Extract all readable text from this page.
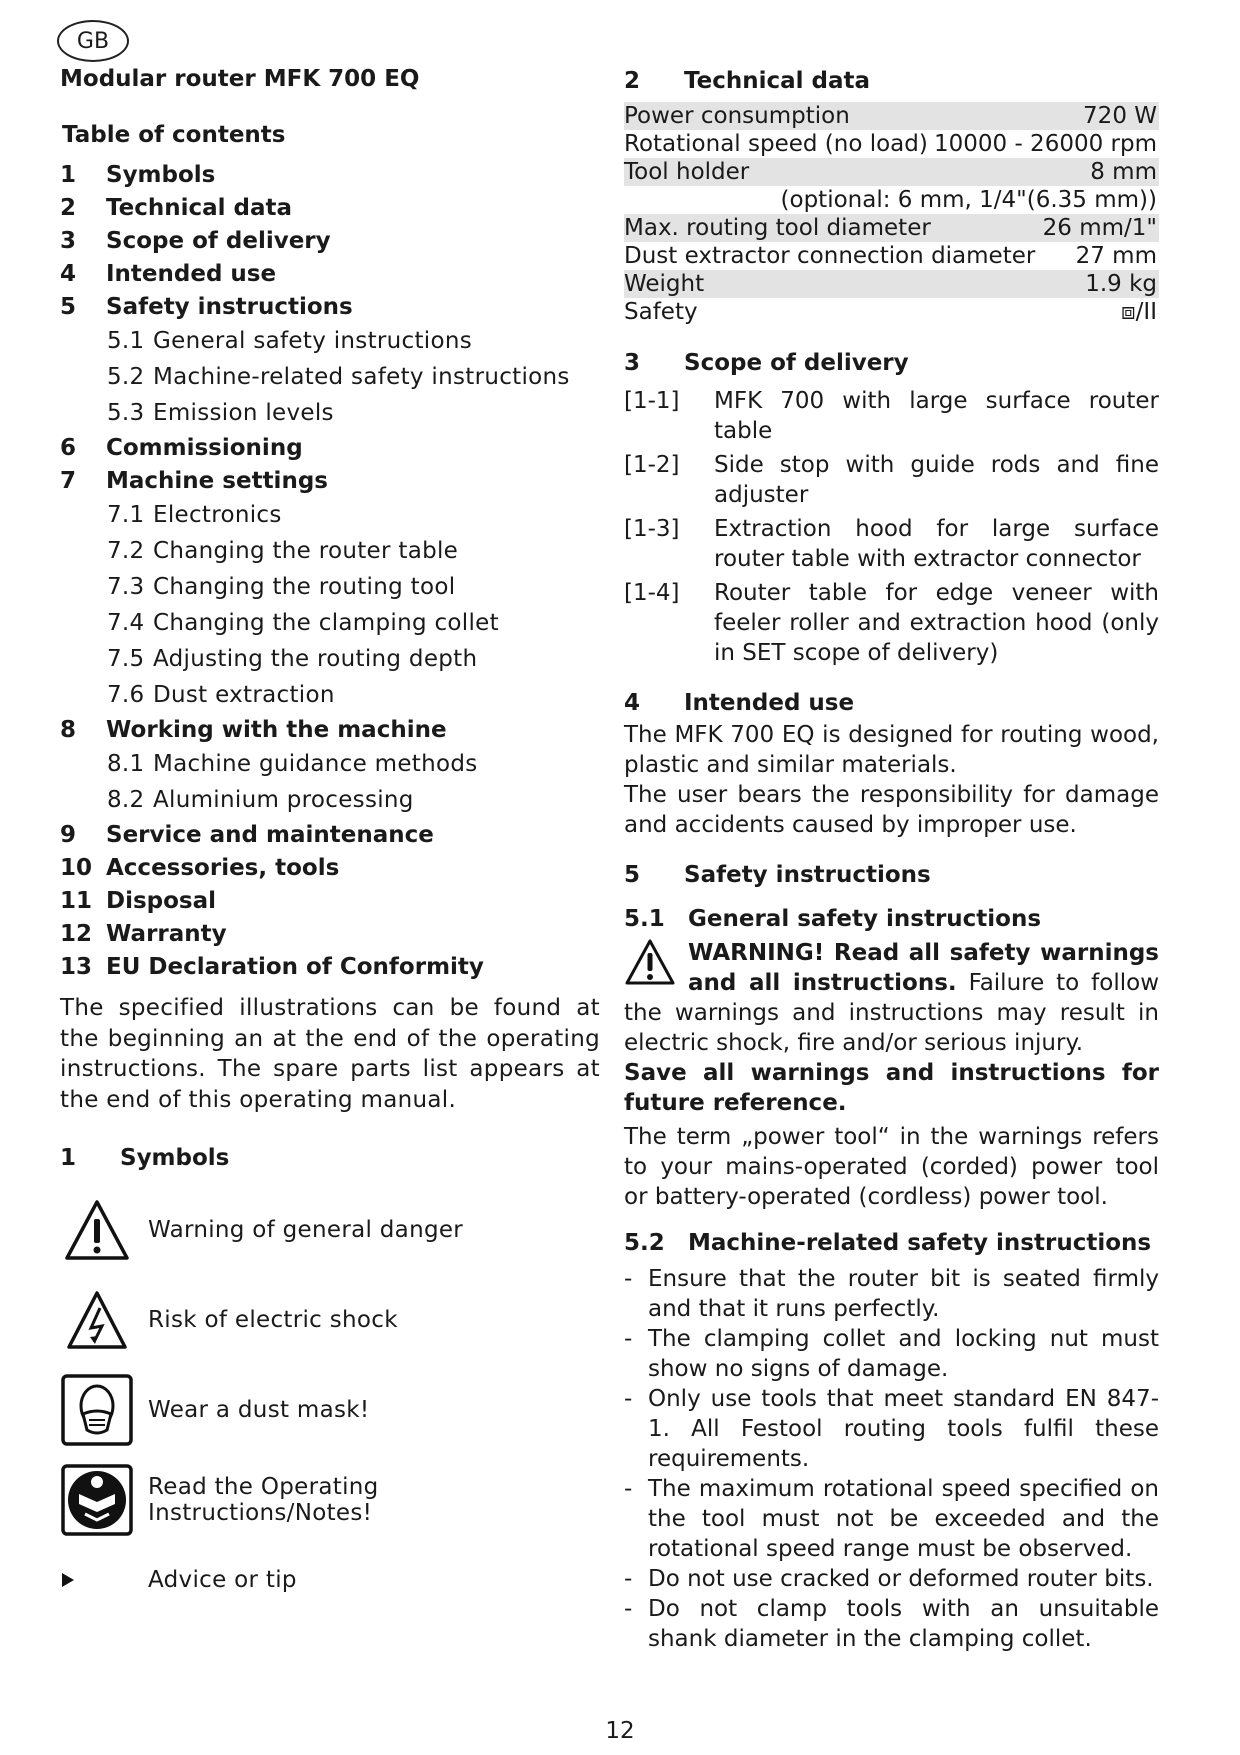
GB
Modular router MFK 700 EQ
Table of contents
1	Symbols
2	Technical data
3	Scope of delivery
4	Intended use
5	Safety instructions
5.1 General safety instructions
5.2 Machine-related safety instructions
5.3 Emission levels
6	Commissioning
7	Machine settings
7.1 Electronics
7.2 Changing the router table
7.3 Changing the routing tool
7.4 Changing the clamping collet
7.5 Adjusting the routing depth
7.6 Dust extraction
8	Working with the machine
8.1 Machine guidance methods
8.2 Aluminium processing
9	Service and maintenance
10 Accessories, tools
11 Disposal
12 Warranty
13 EU Declaration of Conformity
The specified illustrations can be found at the beginning an at the end of the operating instructions. The spare parts list appears at the end of this operating manual.
1	Symbols
Warning of general danger
Risk of electric shock
Wear a dust mask!
Read the Operating Instructions/Notes!
Advice or tip
2	Technical data
Power consumption	720 W
Rotational speed (no load) 10000 - 26000 rpm
Tool holder	8 mm
(optional: 6 mm, 1/4"(6.35 mm))
Max. routing tool diameter	26 mm/1"
Dust extractor connection diameter 27 mm
Weight	1.9 kg
Safety	⧈/II
3	Scope of delivery
[1-1]	MFK 700 with large surface router table
[1-2]	Side stop with guide rods and fine adjuster
[1-3]	Extraction hood for large surface router table with extractor connector
[1-4]	Router table for edge veneer with feeler roller and extraction hood (only in SET scope of delivery)
4	Intended use
The MFK 700 EQ is designed for routing wood, plastic and similar materials.
The user bears the responsibility for damage and accidents caused by improper use.
5	Safety instructions
5.1	General safety instructions
WARNING! Read all safety warnings and all instructions. Failure to follow the warnings and instructions may result in electric shock, fire and/or serious injury.
Save all warnings and instructions for future reference.
The term „power tool“ in the warnings refers to your mains-operated (corded) power tool or battery-operated (cordless) power tool.
5.2	Machine-related safety instructions
- Ensure that the router bit is seated firmly and that it runs perfectly.
- The clamping collet and locking nut must show no signs of damage.
- Only use tools that meet standard EN 847-1. All Festool routing tools fulfil these requirements.
- The maximum rotational speed specified on the tool must not be exceeded and the rotational speed range must be observed.
- Do not use cracked or deformed router bits.
- Do not clamp tools with an unsuitable shank diameter in the clamping collet.
12
